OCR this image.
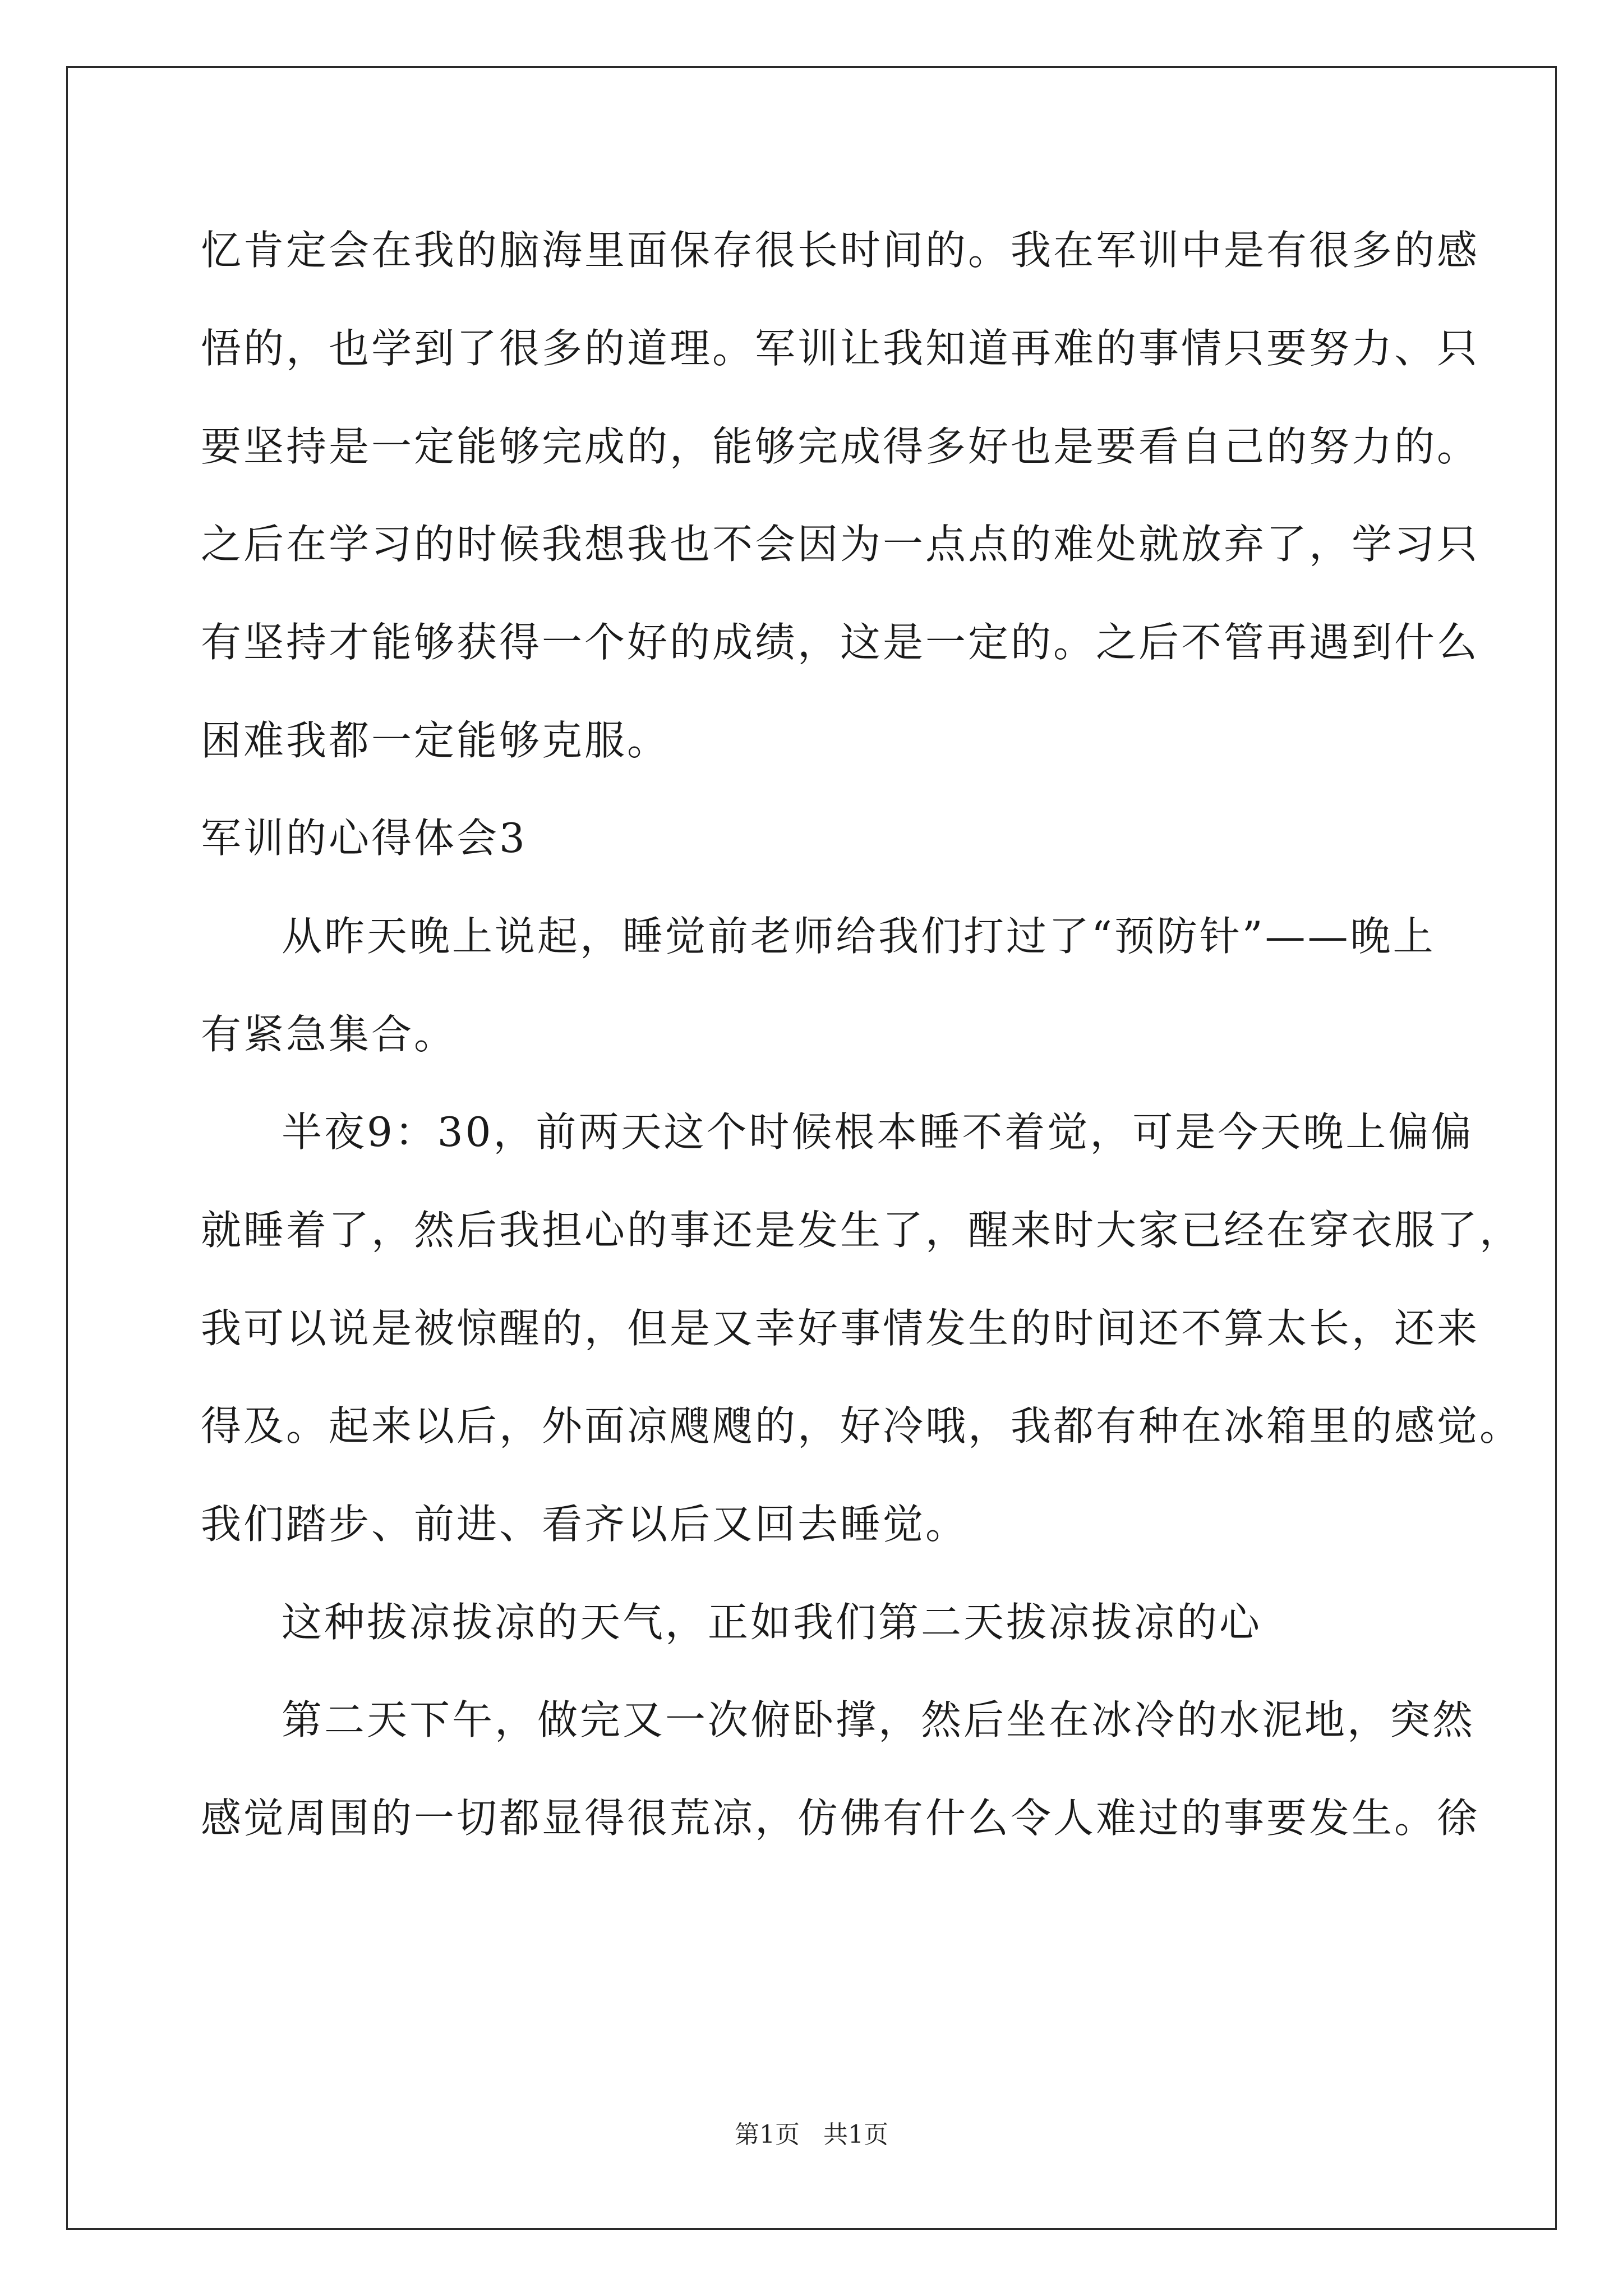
忆肯定会在我的脑海里面保存很长时间的。我在军训中是有很多的感
悟的，也学到了很多的道理。军训让我知道再难的事情只要努力、只
要坚持是一定能够完成的，能够完成得多好也是要看自己的努力的。
之后在学习的时候我想我也不会因为一点点的难处就放弃了，学习只
有坚持才能够获得一个好的成绩，这是一定的。之后不管再遇到什么
困难我都一定能够克服。
军训的心得体会3
从昨天晚上说起，睡觉前老师给我们打过了“预防针”——晚上
有紧急集合。
半夜9：30，前两天这个时候根本睡不着觉，可是今天晚上偏偏
就睡着了，然后我担心的事还是发生了，醒来时大家已经在穿衣服了，
我可以说是被惊醒的，但是又幸好事情发生的时间还不算太长，还来
得及。起来以后，外面凉飕飕的，好冷哦，我都有种在冰箱里的感觉。
我们踏步、前进、看齐以后又回去睡觉。
这种拔凉拔凉的天气，正如我们第二天拔凉拔凉的心
第二天下午，做完又一次俯卧撑，然后坐在冰冷的水泥地，突然
感觉周围的一切都显得很荒凉，仿佛有什么令人难过的事要发生。徐
第1页 共1页
